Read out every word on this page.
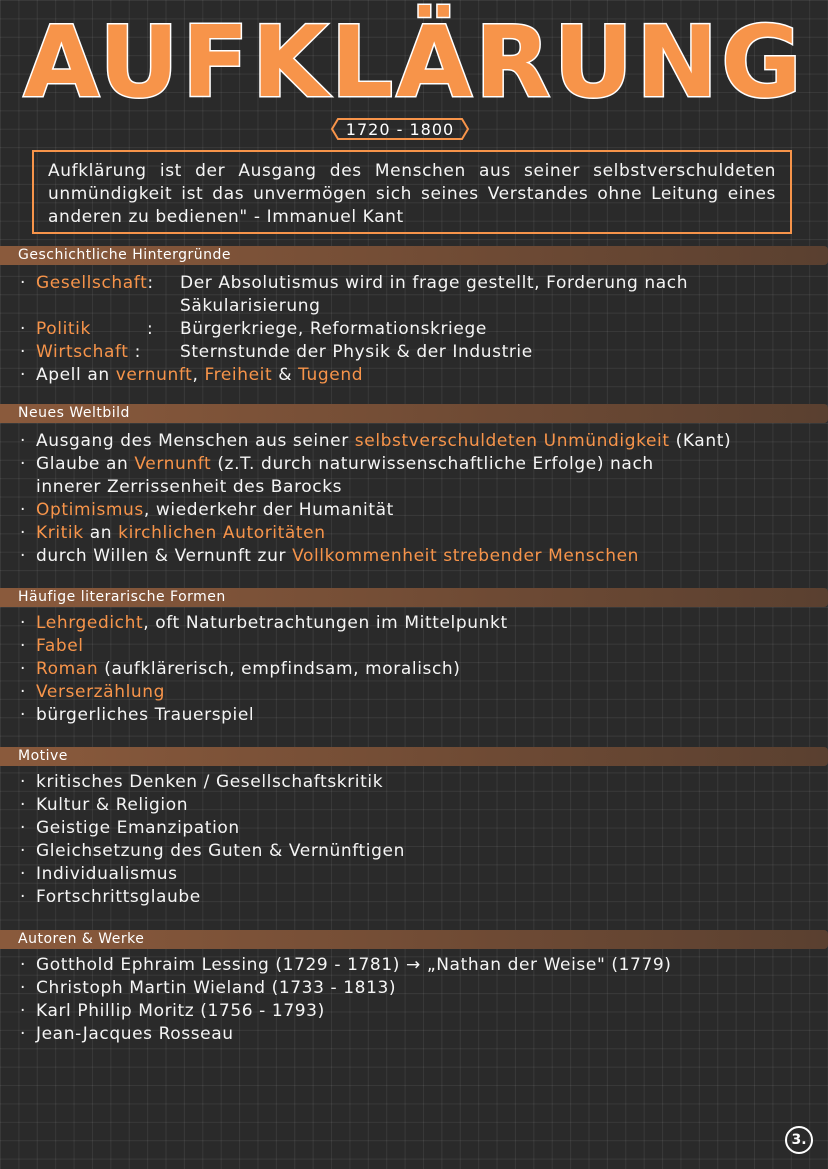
AUFKLÄRUNG
1720 - 1800
Aufklärung ist der Ausgang des Menschen aus seiner selbstverschuldeten unmündigkeit ist das unvermögen sich seines Verstandes ohne Leitung eines anderen zu bedienen" - Immanuel Kant
Geschichtliche Hintergründe
· Gesellschaft:	Der Absolutismus wird in frage gestellt, Forderung nach Säkularisierung
· Politik	:	Bürgerkriege, Reformationskriege
· Wirtschaft :	Sternstunde der Physik & der Industrie
· Apell an vernunft, Freiheit & Tugend
Neues Weltbild
· Ausgang des Menschen aus seiner selbstverschuldeten Unmündigkeit (Kant)
· Glaube an Vernunft (z.T. durch naturwissenschaftliche Erfolge) nach
innerer Zerrissenheit des Barocks
· Optimismus, wiederkehr der Humanität
· Kritik an kirchlichen Autoritäten
· durch Willen & Vernunft zur Vollkommenheit strebender Menschen
Häufige literarische Formen
· Lehrgedicht, oft Naturbetrachtungen im Mittelpunkt
· Fabel
· Roman (aufklärerisch, empfindsam, moralisch)
· Verserzählung
· bürgerliches Trauerspiel
Motive
· kritisches Denken / Gesellschaftskritik
· Kultur & Religion
· Geistige Emanzipation
· Gleichsetzung des Guten & Vernünftigen
· Individualismus
· Fortschrittsglaube
Autoren & Werke
· Gotthold Ephraim Lessing (1729 - 1781) → „Nathan der Weise" (1779)
· Christoph Martin Wieland (1733 - 1813)
· Karl Phillip Moritz (1756 - 1793)
· Jean-Jacques Rosseau
3.
